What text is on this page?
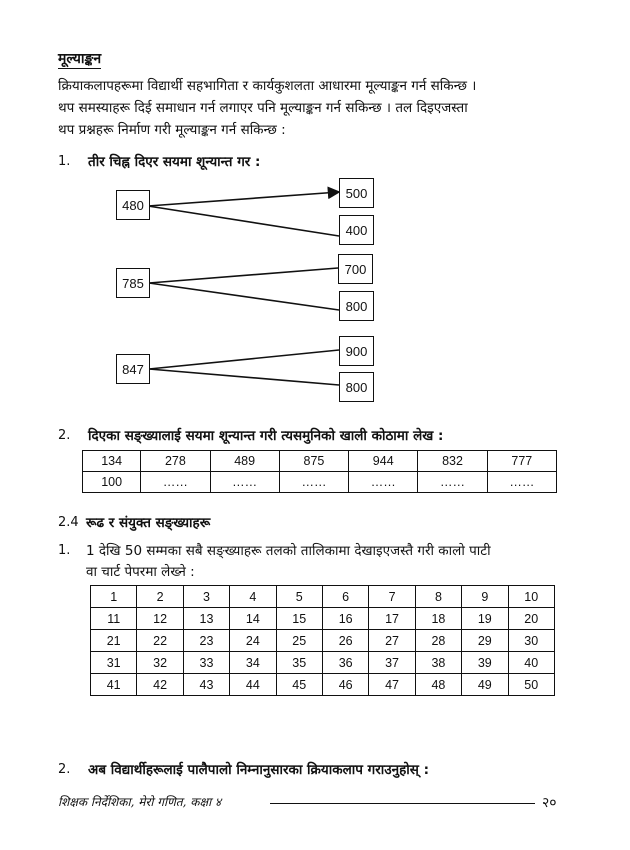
मूल्याङ्कन
क्रियाकलापहरूमा विद्यार्थी सहभागिता र कार्यकुशलता आधारमा मूल्याङ्कन गर्न सकिन्छ ।
थप समस्याहरू दिई समाधान गर्न लगाएर पनि मूल्याङ्कन गर्न सकिन्छ । तल दिइएजस्ता
थप प्रश्नहरू निर्माण गरी मूल्याङ्कन गर्न सकिन्छ :
1. तीर चिह्न दिएर सयमा शून्यान्त गर :
480
785
847
500
400
700
800
900
800
2. दिएका सङ्ख्यालाई सयमा शून्यान्त गरी त्यसमुनिको खाली कोठामा लेख :
134	278	489	875	944	832	777
100	……	……	……	……	……	……
2.4 रूढ र संयुक्त सङ्ख्याहरू
1. 1 देखि 50 सम्मका सबै सङ्ख्याहरू तलको तालिकामा देखाइएजस्तै गरी कालो पाटी
वा चार्ट पेपरमा लेख्ने :
1	2	3	4	5	6	7	8	9	10
11	12	13	14	15	16	17	18	19	20
21	22	23	24	25	26	27	28	29	30
31	32	33	34	35	36	37	38	39	40
41	42	43	44	45	46	47	48	49	50
2. अब विद्यार्थीहरूलाई पालैपालो निम्नानुसारका क्रियाकलाप गराउनुहोस् :
शिक्षक निर्देशिका, मेरो गणित, कक्षा ४	२०
